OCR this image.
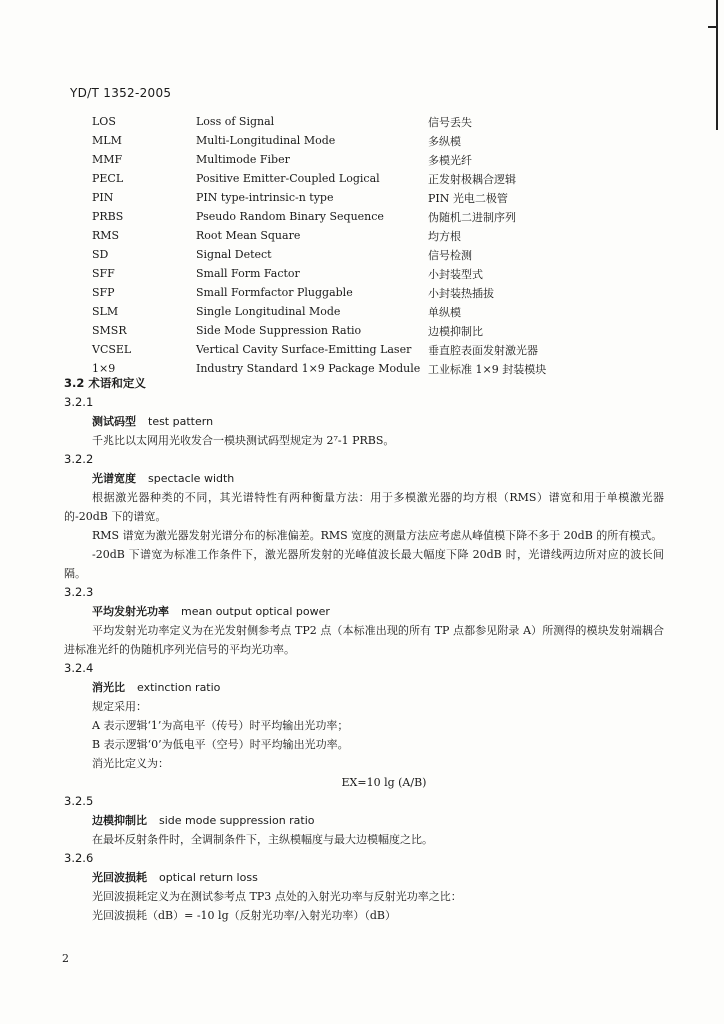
YD/T 1352-2005
LOS	Loss of Signal	信号丢失
MLM	Multi-Longitudinal Mode	多纵模
MMF	Multimode Fiber	多模光纤
PECL	Positive Emitter-Coupled Logical	正发射极耦合逻辑
PIN	PIN type-intrinsic-n type	PIN 光电二极管
PRBS	Pseudo Random Binary Sequence	伪随机二进制序列
RMS	Root Mean Square	均方根
SD	Signal Detect	信号检测
SFF	Small Form Factor	小封装型式
SFP	Small Formfactor Pluggable	小封装热插拔
SLM	Single Longitudinal Mode	单纵模
SMSR	Side Mode Suppression Ratio	边模抑制比
VCSEL	Vertical Cavity Surface-Emitting Laser	垂直腔表面发射激光器
1×9	Industry Standard 1×9 Package Module	工业标准 1×9 封装模块
3.2 术语和定义
3.2.1
测试码型 test pattern
千兆比以太网用光收发合一模块测试码型规定为 2⁷-1 PRBS。
3.2.2
光谱宽度 spectacle width
根据激光器种类的不同，其光谱特性有两种衡量方法：用于多模激光器的均方根（RMS）谱宽和用于单模激光器的-20dB 下的谱宽。
RMS 谱宽为激光器发射光谱分布的标准偏差。RMS 宽度的测量方法应考虑从峰值模下降不多于 20dB 的所有模式。
-20dB 下谱宽为标准工作条件下，激光器所发射的光峰值波长最大幅度下降 20dB 时，光谱线两边所对应的波长间隔。
3.2.3
平均发射光功率 mean output optical power
平均发射光功率定义为在光发射侧参考点 TP2 点（本标准出现的所有 TP 点都参见附录 A）所测得的模块发射端耦合进标准光纤的伪随机序列光信号的平均光功率。
3.2.4
消光比 extinction ratio
规定采用：
A 表示逻辑‘1’为高电平（传号）时平均输出光功率；
B 表示逻辑‘0’为低电平（空号）时平均输出光功率。
消光比定义为：
EX=10 lg (A/B)
3.2.5
边模抑制比 side mode suppression ratio
在最坏反射条件时，全调制条件下，主纵模幅度与最大边模幅度之比。
3.2.6
光回波损耗 optical return loss
光回波损耗定义为在测试参考点 TP3 点处的入射光功率与反射光功率之比：
光回波损耗（dB）= -10 lg（反射光功率/入射光功率）（dB）
2
